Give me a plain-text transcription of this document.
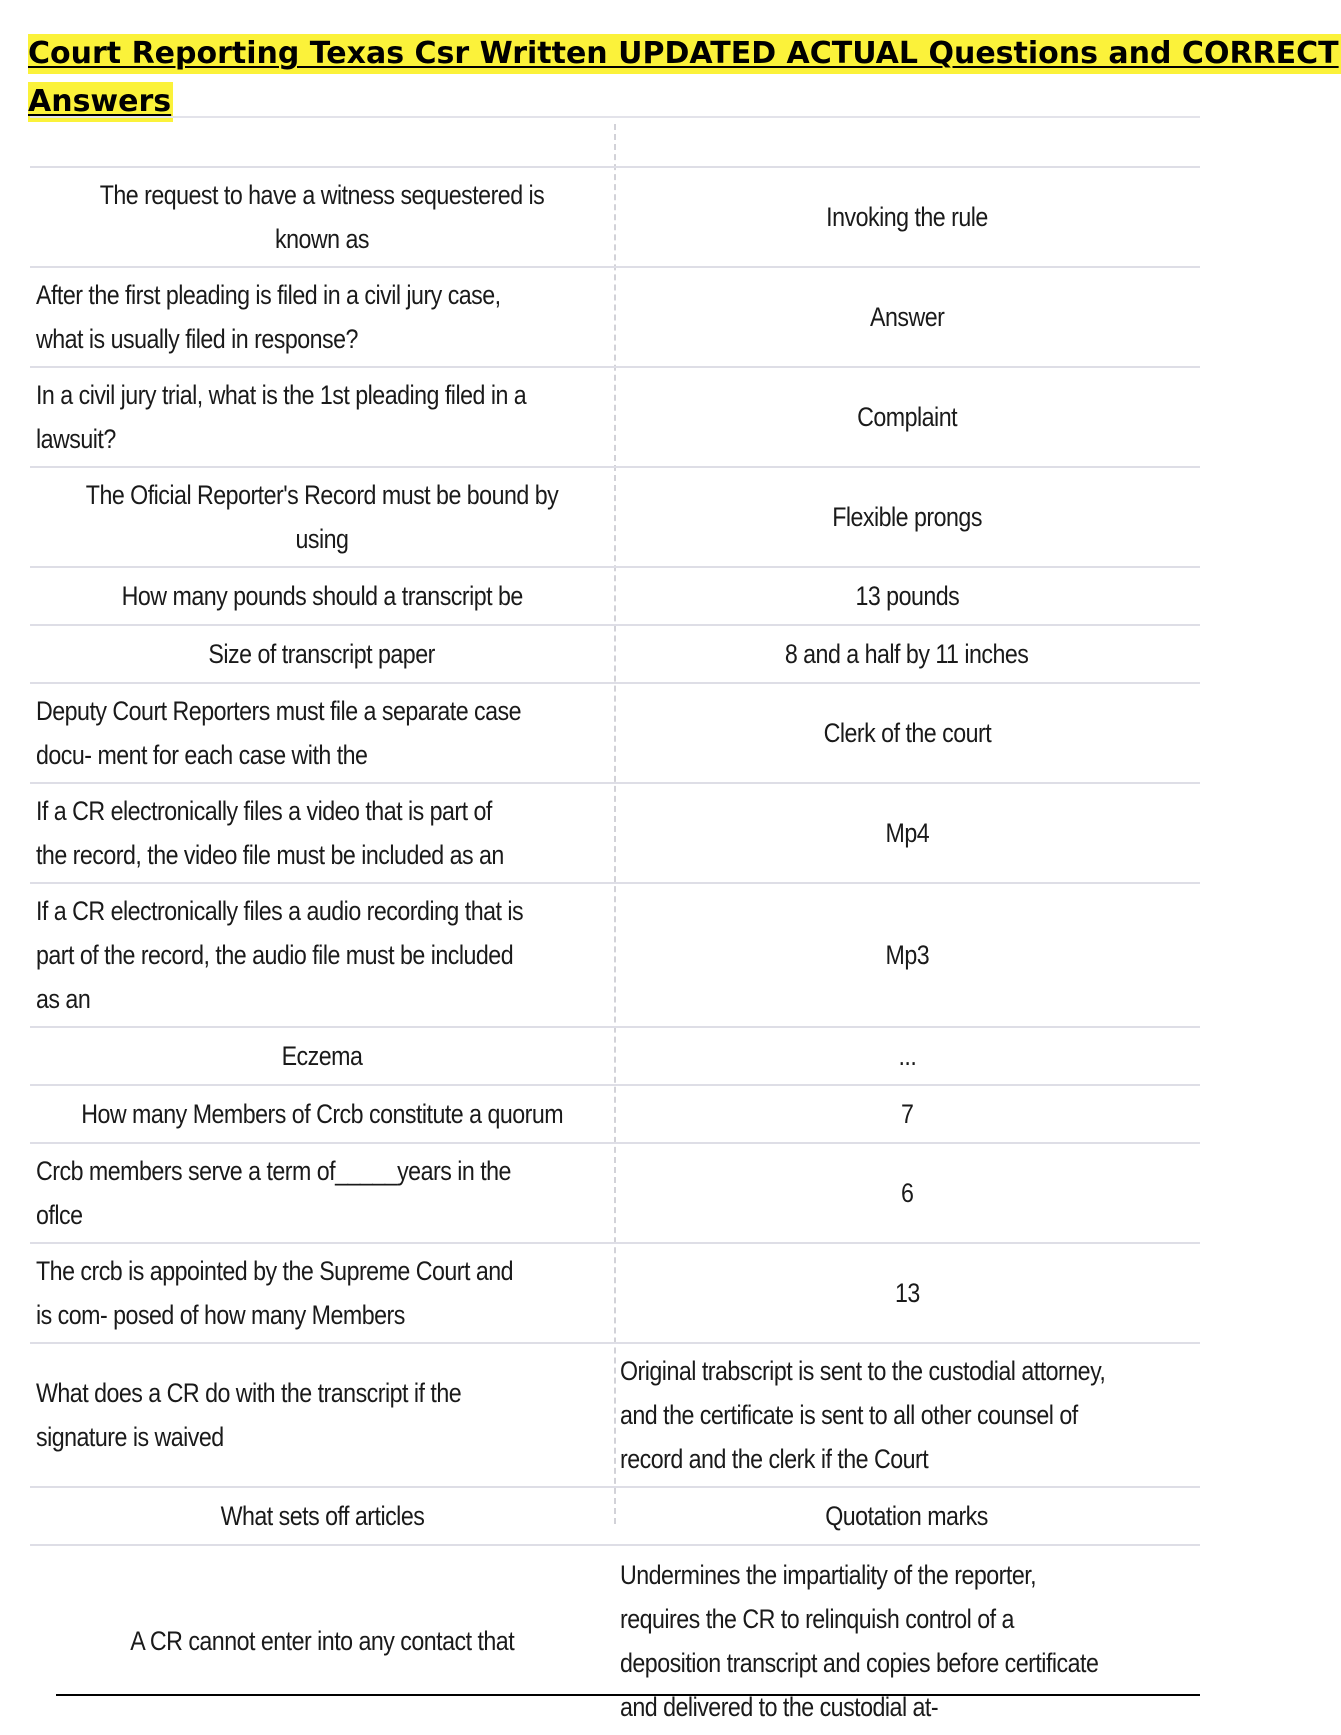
Court Reporting Texas Csr Written UPDATED ACTUAL Questions and CORRECT
Answers

The request to have a witness sequestered is known as	Invoking the rule
After the first pleading is filed in a civil jury case, what is usually filed in response?	Answer
In a civil jury trial, what is the 1st pleading filed in a lawsuit?	Complaint
The Oficial Reporter's Record must be bound by using	Flexible prongs
How many pounds should a transcript be	13 pounds
Size of transcript paper	8 and a half by 11 inches
Deputy Court Reporters must file a separate case docu- ment for each case with the	Clerk of the court
If a CR electronically files a video that is part of the record, the video file must be included as an	Mp4
If a CR electronically files a audio recording that is part of the record, the audio file must be included as an	Mp3
Eczema	...
How many Members of Crcb constitute a quorum	7
Crcb members serve a term of_____years in the oflce	6
The crcb is appointed by the Supreme Court and is com- posed of how many Members	13
What does a CR do with the transcript if the signature is waived	Original trabscript is sent to the custodial attorney, and the certificate is sent to all other counsel of record and the clerk if the Court
What sets off articles	Quotation marks
A CR cannot enter into any contact that	Undermines the impartiality of the reporter, requires the CR to relinquish control of a deposition transcript and copies before certificate and delivered to the custodial at-
